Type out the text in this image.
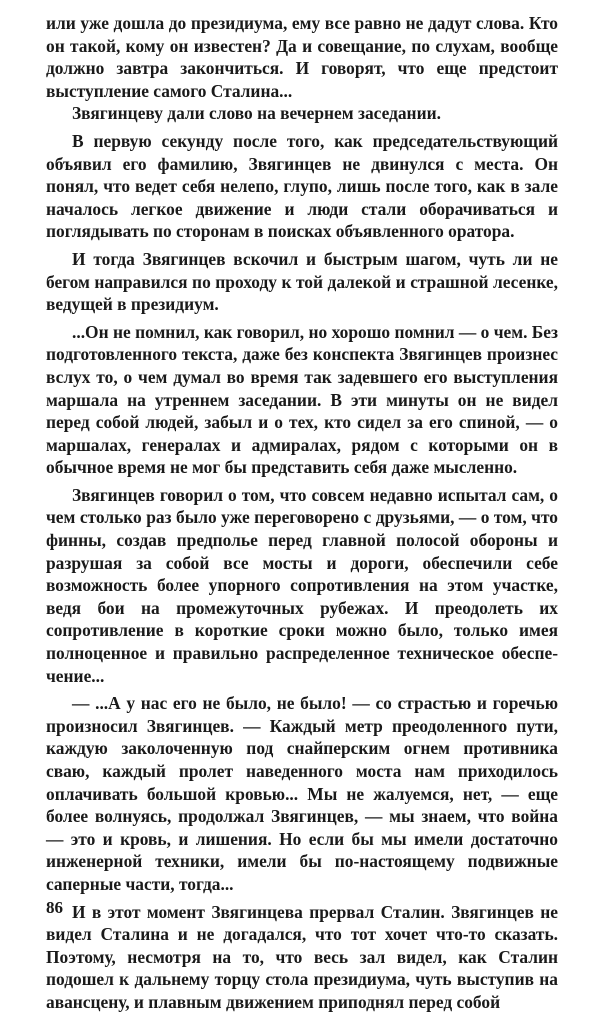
или уже дошла до президиума, ему все равно не дадут слова. Кто он такой, кому он известен? Да и совещание, по слухам, вообще должно завтра закончиться. И говорят, что еще предстоит выступление самого Сталина...

Звягинцеву дали слово на вечернем заседании.

В первую секунду после того, как председательствующий объявил его фамилию, Звягинцев не двинулся с места. Он понял, что ведет себя нелепо, глупо, лишь после того, как в зале началось легкое движение и люди стали оборачиваться и поглядывать по сторонам в поисках объявленного оратора.

И тогда Звягинцев вскочил и быстрым шагом, чуть ли не бегом направился по проходу к той далекой и страшной лесенке, ведущей в президиум.

...Он не помнил, как говорил, но хорошо помнил — о чем. Без подготовленного текста, даже без конспекта Звягинцев произнес вслух то, о чем думал во время так задевшего его выступления маршала на утреннем заседании. В эти минуты он не видел перед собой людей, забыл и о тех, кто сидел за его спиной, — о маршалах, генералах и адмиралах, рядом с которыми он в обычное время не мог бы представить себя даже мысленно.

Звягинцев говорил о том, что совсем недавно испытал сам, о чем столько раз было уже переговорено с друзьями, — о том, что финны, создав предполье перед главной полосой обороны и разрушая за собой все мосты и дороги, обеспечили себе возможность более упорного сопротивления на этом участке, ведя бои на промежуточных рубежах. И преодолеть их сопротивление в короткие сроки можно было, только имея полноценное и правильно распределенное техническое обеспечение...

— ...А у нас его не было, не было! — со страстью и горечью произносил Звягинцев. — Каждый метр преодоленного пути, каждую заколоченную под снайперским огнем противника сваю, каждый пролет наведенного моста нам приходилось оплачивать большой кровью... Мы не жалуемся, нет, — еще более волнуясь, продолжал Звягинцев, — мы знаем, что война — это и кровь, и лишения. Но если бы мы имели достаточно инженерной техники, имели бы по-настоящему подвижные саперные части, тогда...

И в этот момент Звягинцева прервал Сталин. Звягинцев не видел Сталина и не догадался, что тот хочет что-то сказать. Поэтому, несмотря на то, что весь зал видел, как Сталин подошел к дальнему торцу стола президиума, чуть выступив на авансцену, и плавным движением приподнял перед собой

86
